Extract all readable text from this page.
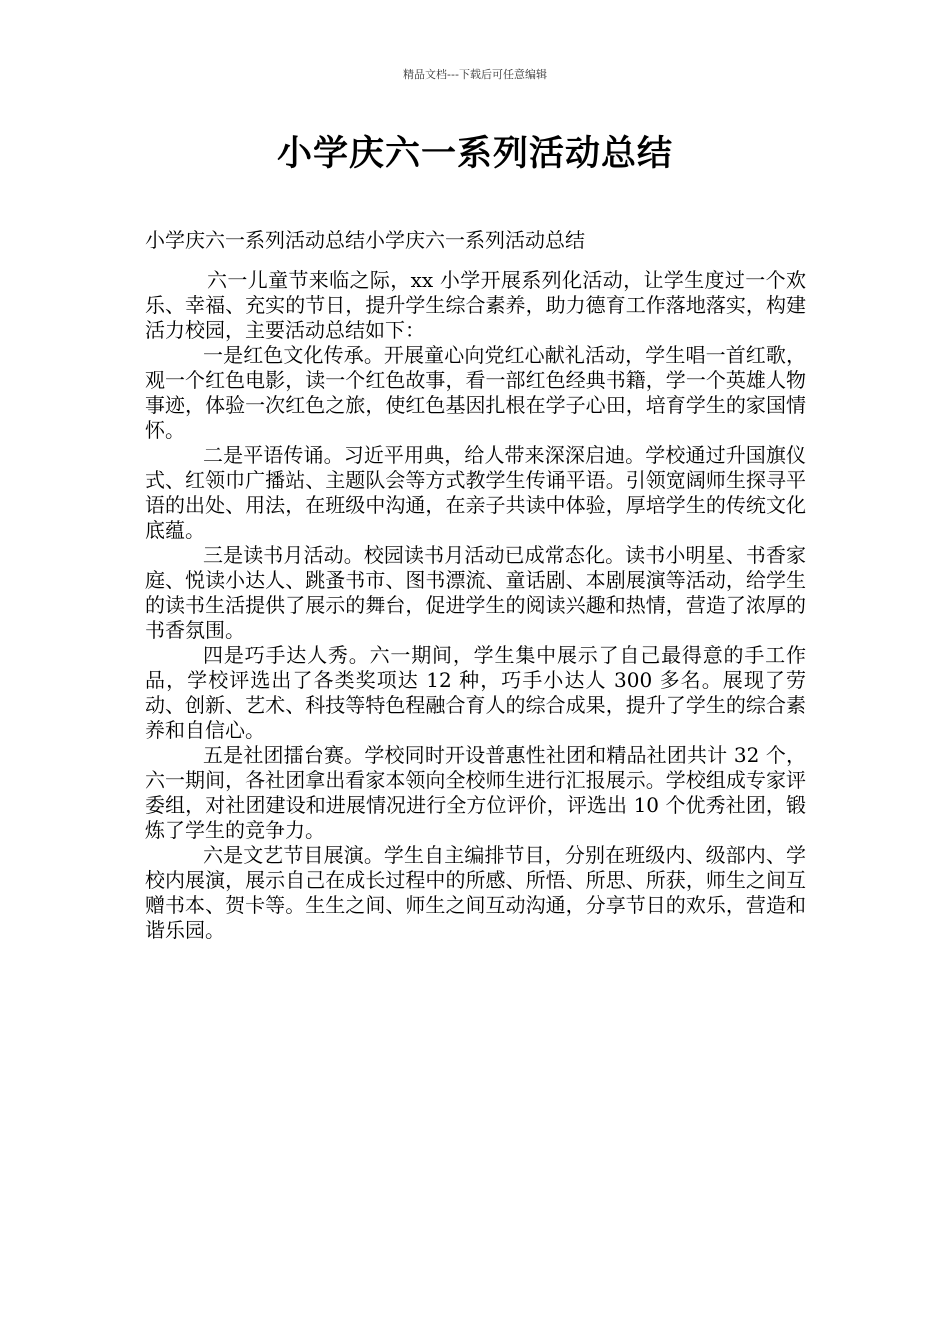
精品文档---下载后可任意编辑
小学庆六一系列活动总结

小学庆六一系列活动总结小学庆六一系列活动总结

六一儿童节来临之际，xx 小学开展系列化活动，让学生度过一个欢乐、幸福、充实的节日，提升学生综合素养，助力德育工作落地落实，构建活力校园，主要活动总结如下：

一是红色文化传承。开展童心向党红心献礼活动，学生唱一首红歌，观一个红色电影，读一个红色故事，看一部红色经典书籍，学一个英雄人物事迹，体验一次红色之旅，使红色基因扎根在学子心田，培育学生的家国情怀。

二是平语传诵。习近平用典，给人带来深深启迪。学校通过升国旗仪式、红领巾广播站、主题队会等方式教学生传诵平语。引领宽阔师生探寻平语的出处、用法，在班级中沟通，在亲子共读中体验，厚培学生的传统文化底蕴。

三是读书月活动。校园读书月活动已成常态化。读书小明星、书香家庭、悦读小达人、跳蚤书市、图书漂流、童话剧、本剧展演等活动，给学生的读书生活提供了展示的舞台，促进学生的阅读兴趣和热情，营造了浓厚的书香氛围。

四是巧手达人秀。六一期间，学生集中展示了自己最得意的手工作品，学校评选出了各类奖项达 12 种，巧手小达人 300 多名。展现了劳动、创新、艺术、科技等特色程融合育人的综合成果，提升了学生的综合素养和自信心。

五是社团擂台赛。学校同时开设普惠性社团和精品社团共计 32 个，六一期间，各社团拿出看家本领向全校师生进行汇报展示。学校组成专家评委组，对社团建设和进展情况进行全方位评价，评选出 10 个优秀社团，锻炼了学生的竞争力。

六是文艺节目展演。学生自主编排节目，分别在班级内、级部内、学校内展演，展示自己在成长过程中的所感、所悟、所思、所获，师生之间互赠书本、贺卡等。生生之间、师生之间互动沟通，分享节日的欢乐，营造和谐乐园。
